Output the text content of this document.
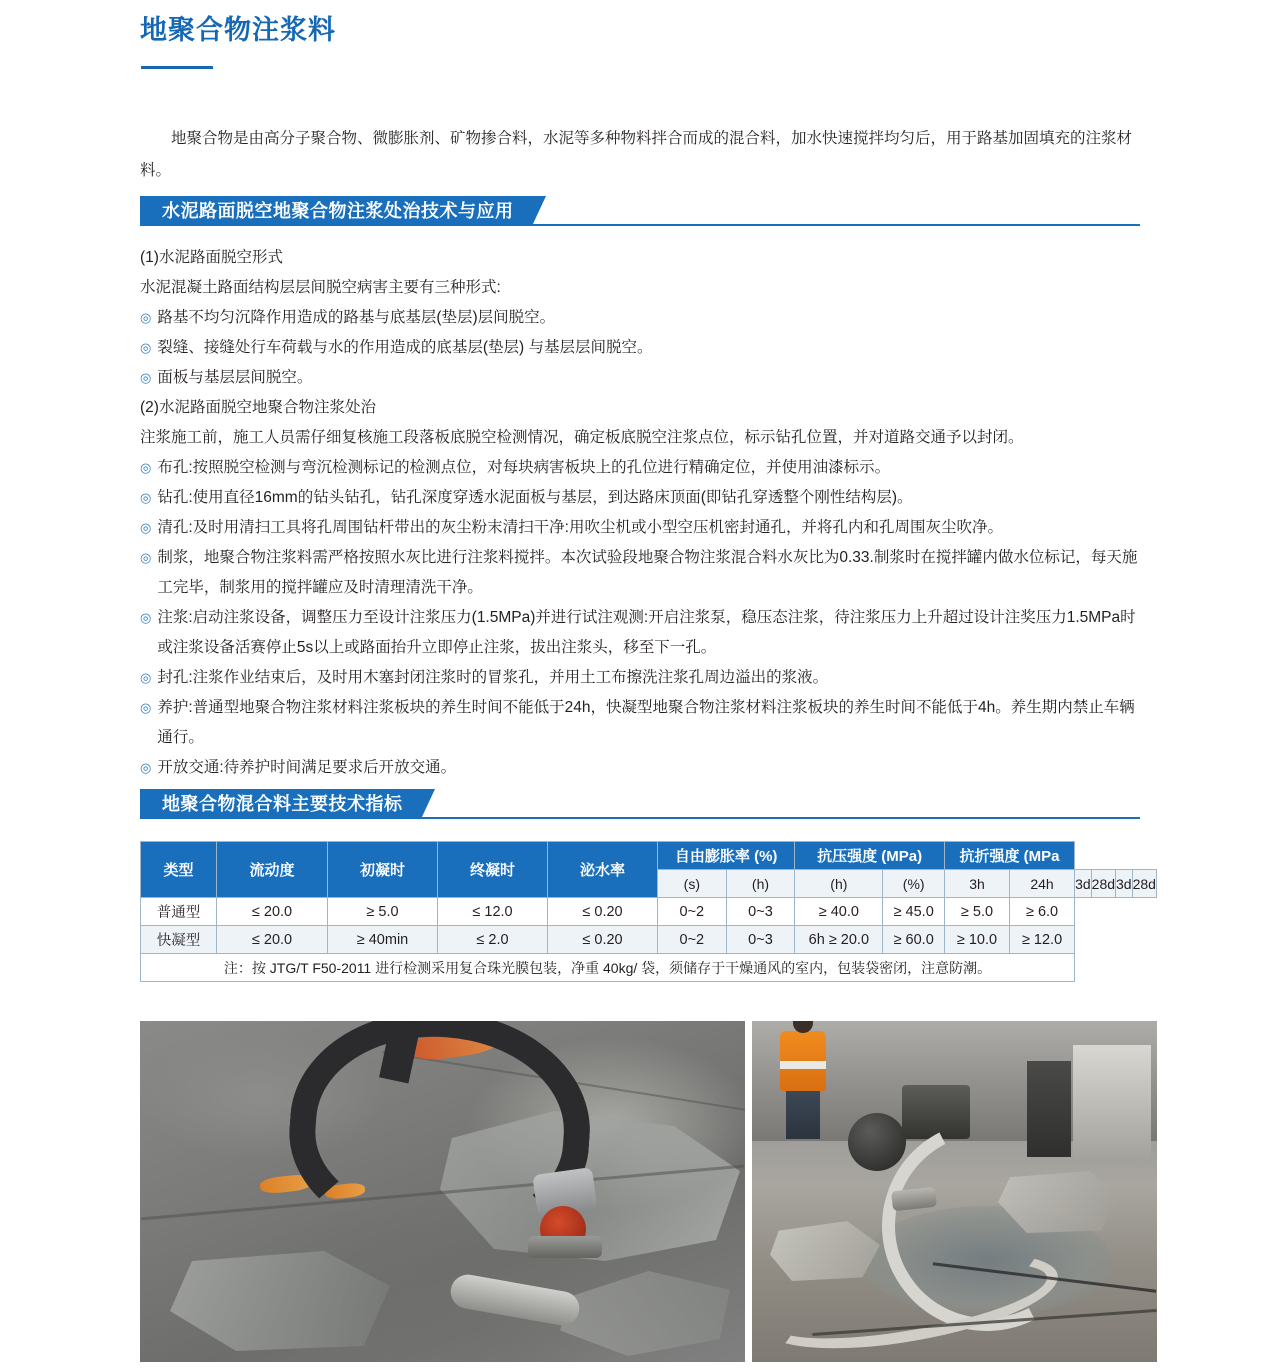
地聚合物注浆料

地聚合物是由高分子聚合物、微膨胀剂、矿物掺合料，水泥等多种物料拌合而成的混合料，加水快速搅拌均匀后，用于路基加固填充的注浆材料。

水泥路面脱空地聚合物注浆处治技术与应用
(1)水泥路面脱空形式
水泥混凝土路面结构层层间脱空病害主要有三种形式:
◎ 路基不均匀沉降作用造成的路基与底基层(垫层)层间脱空。
◎ 裂缝、接缝处行车荷载与水的作用造成的底基层(垫层) 与基层层间脱空。
◎ 面板与基层层间脱空。
(2)水泥路面脱空地聚合物注浆处治
注浆施工前，施工人员需仔细复核施工段落板底脱空检测情况，确定板底脱空注浆点位，标示钻孔位置，并对道路交通予以封闭。
◎ 布孔:按照脱空检测与弯沉检测标记的检测点位，对每块病害板块上的孔位进行精确定位，并使用油漆标示。
◎ 钻孔:使用直径16mm的钻头钻孔，钻孔深度穿透水泥面板与基层，到达路床顶面(即钻孔穿透整个刚性结构层)。
◎ 清孔:及时用清扫工具将孔周围钻杆带出的灰尘粉末清扫干净:用吹尘机或小型空压机密封通孔，并将孔内和孔周围灰尘吹净。
◎ 制浆，地聚合物注浆料需严格按照水灰比进行注浆料搅拌。本次试验段地聚合物注浆混合料水灰比为0.33.制浆时在搅拌罐内做水位标记，每天施工完毕，制浆用的搅拌罐应及时清理清洗干净。
◎ 注浆:启动注浆设备，调整压力至设计注浆压力(1.5MPa)并进行试注观测:开启注浆泵，稳压态注浆，待注浆压力上升超过设计注奖压力1.5MPa时或注浆设备活赛停止5s以上或路面抬升立即停止注浆，拔出注浆头，移至下一孔。
◎ 封孔:注浆作业结束后，及时用木塞封闭注浆时的冒浆孔，并用土工布擦洗注浆孔周边溢出的浆液。
◎ 养护:普通型地聚合物注浆材料注浆板块的养生时间不能低于24h，快凝型地聚合物注浆材料注浆板块的养生时间不能低于4h。养生期内禁止车辆通行。
◎ 开放交通:待养护时间满足要求后开放交通。
地聚合物混合料主要技术指标
类型	流动度	初凝时	终凝时	泌水率	自由膨胀率 (%)		抗压强度 (MPa)		抗折强度 (MPa					
					(s)	(h)	(h)	(%)	3h	24h	3d	28d	3d	28d
普通型	≤ 20.0	≥ 5.0	≤ 12.0	≤ 0.20	0~2	0~3	≥ 40.0	≥ 45.0	≥ 5.0	≥ 6.0				
快凝型	≤ 20.0	≥ 40min	≤ 2.0	≤ 0.20	0~2	0~3	6h ≥ 20.0	≥ 60.0	≥ 10.0	≥ 12.0				
注：按 JTG/T F50-2011 进行检测采用复合珠光膜包装，净重 40kg/ 袋，须储存于干燥通风的室内，包装袋密闭，注意防潮。														
